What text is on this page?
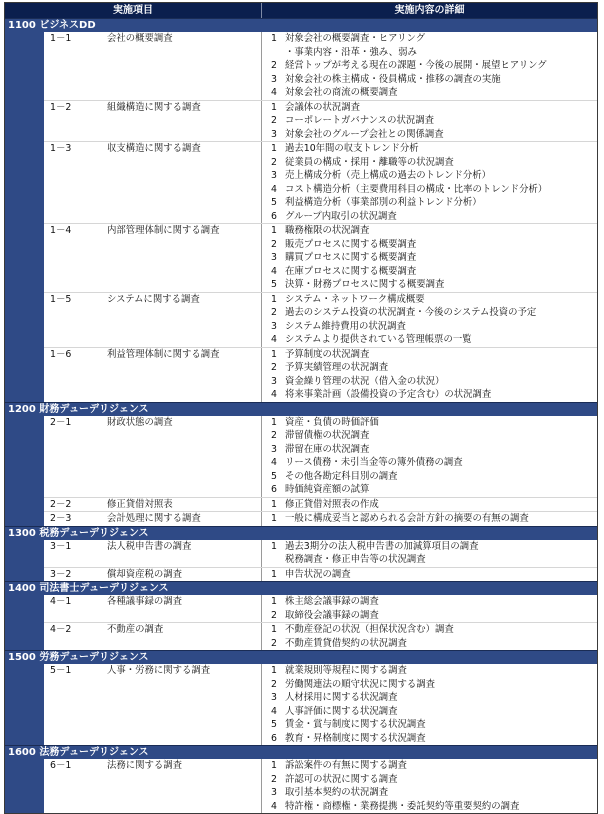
実施項目	実施内容の詳細
1100 ビジネスDD
1－1	会社の概要調査	1 対象会社の概要調査・ヒアリング
・事業内容・沿革・強み、弱み
2 経営トップが考える現在の課題・今後の展開・展望ヒアリング
3 対象会社の株主構成・役員構成・推移の調査の実施
4 対象会社の商流の概要調査
1－2	組織構造に関する調査	1 会議体の状況調査
2 コーポレートガバナンスの状況調査
3 対象会社のグループ会社との関係調査
1－3	収支構造に関する調査	1 過去10年間の収支トレンド分析
2 従業員の構成・採用・離職等の状況調査
3 売上構成分析（売上構成の過去のトレンド分析）
4 コスト構造分析（主要費用科目の構成・比率のトレンド分析）
5 利益構造分析（事業部別の利益トレンド分析）
6 グループ内取引の状況調査
1－4	内部管理体制に関する調査	1 職務権限の状況調査
2 販売プロセスに関する概要調査
3 購買プロセスに関する概要調査
4 在庫プロセスに関する概要調査
5 決算・財務プロセスに関する概要調査
1－5	システムに関する調査	1 システム・ネットワーク構成概要
2 過去のシステム投資の状況調査・今後のシステム投資の予定
3 システム維持費用の状況調査
4 システムより提供されている管理帳票の一覧
1－6	利益管理体制に関する調査	1 予算制度の状況調査
2 予算実績管理の状況調査
3 資金繰り管理の状況（借入金の状況）
4 将来事業計画（設備投資の予定含む）の状況調査
1200 財務デューデリジェンス
2－1	財政状態の調査	1 資産・負債の時価評価
2 滞留債権の状況調査
3 滞留在庫の状況調査
4 リース債務・未引当金等の簿外債務の調査
5 その他各勘定科目別の調査
6 時価純資産額の試算
2－2	修正貸借対照表	1 修正貸借対照表の作成
2－3	会計処理に関する調査	1 一般に構成妥当と認められる会計方針の摘要の有無の調査
1300 税務デューデリジェンス
3－1	法人税申告書の調査	1 過去3期分の法人税申告書の加減算項目の調査
税務調査・修正申告等の状況調査
3－2	償却資産税の調査	1 申告状況の調査
1400 司法書士デューデリジェンス
4－1	各種議事録の調査	1 株主総会議事録の調査
2 取締役会議事録の調査
4－2	不動産の調査	1 不動産登記の状況（担保状況含む）調査
2 不動産賃貸借契約の状況調査
1500 労務デューデリジェンス
5－1	人事・労務に関する調査	1 就業規則等規程に関する調査
2 労働関連法の順守状況に関する調査
3 人材採用に関する状況調査
4 人事評価に関する状況調査
5 賃金・賞与制度に関する状況調査
6 教育・昇格制度に関する状況調査
1600 法務デューデリジェンス
6－1	法務に関する調査	1 訴訟案件の有無に関する調査
2 許認可の状況に関する調査
3 取引基本契約の状況調査
4 特許権・商標権・業務提携・委託契約等重要契約の調査
